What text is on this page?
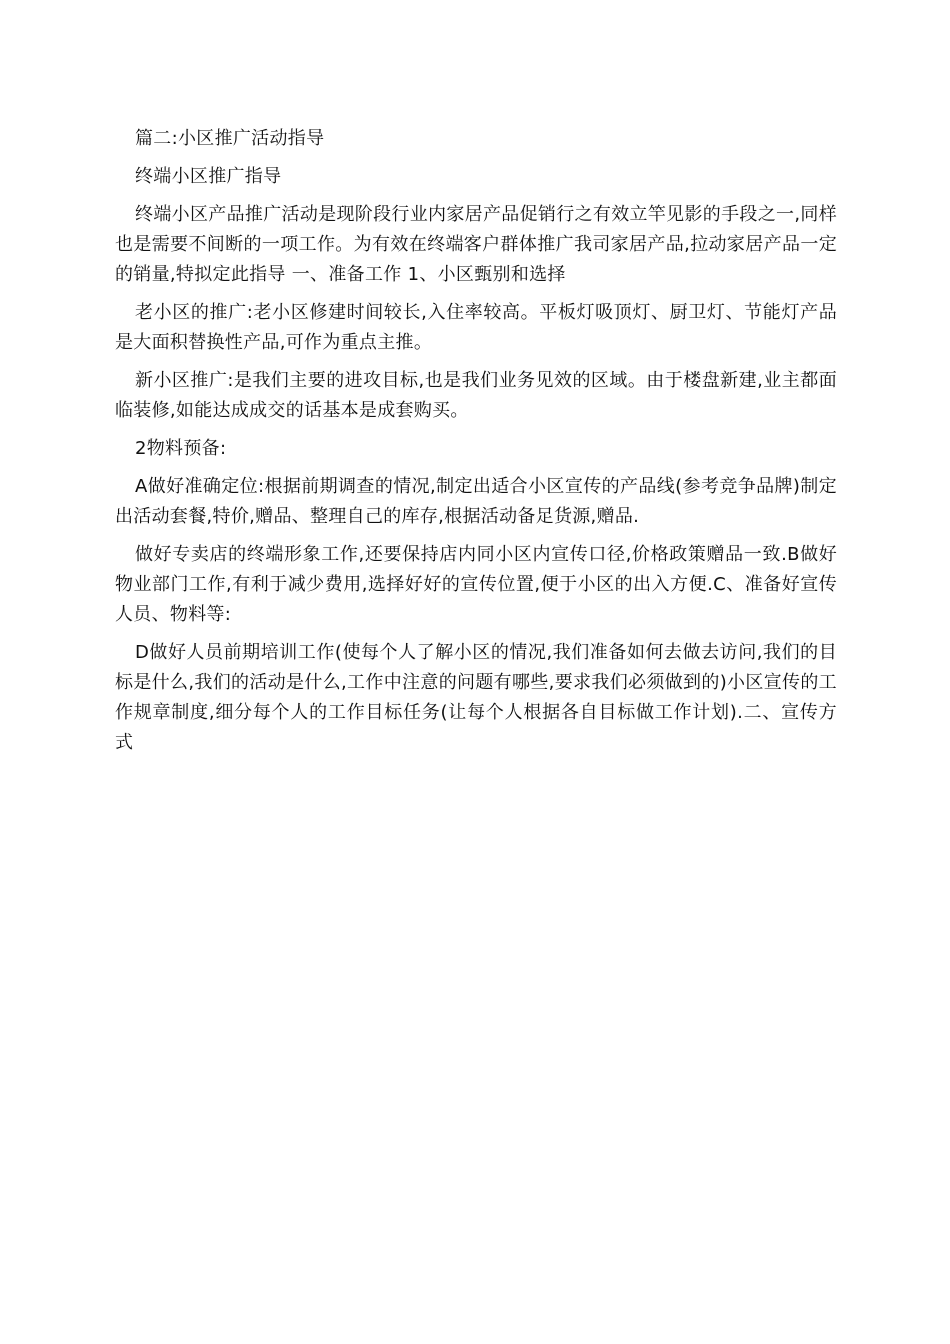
篇二:小区推广活动指导

终端小区推广指导

终端小区产品推广活动是现阶段行业内家居产品促销行之有效立竿见影的手段之一,同样也是需要不间断的一项工作。为有效在终端客户群体推广我司家居产品,拉动家居产品一定的销量,特拟定此指导 一、准备工作 1、小区甄别和选择

老小区的推广:老小区修建时间较长,入住率较高。平板灯吸顶灯、厨卫灯、节能灯产品是大面积替换性产品,可作为重点主推。

新小区推广:是我们主要的进攻目标,也是我们业务见效的区域。由于楼盘新建,业主都面临装修,如能达成成交的话基本是成套购买。

2物料预备:

A做好准确定位:根据前期调查的情况,制定出适合小区宣传的产品线(参考竞争品牌)制定出活动套餐,特价,赠品、整理自己的库存,根据活动备足货源,赠品.

做好专卖店的终端形象工作,还要保持店内同小区内宣传口径,价格政策赠品一致.B做好物业部门工作,有利于减少费用,选择好好的宣传位置,便于小区的出入方便.C、准备好宣传人员、物料等:

D做好人员前期培训工作(使每个人了解小区的情况,我们准备如何去做去访问,我们的目标是什么,我们的活动是什么,工作中注意的问题有哪些,要求我们必须做到的)小区宣传的工作规章制度,细分每个人的工作目标任务(让每个人根据各自目标做工作计划).二、宣传方式
